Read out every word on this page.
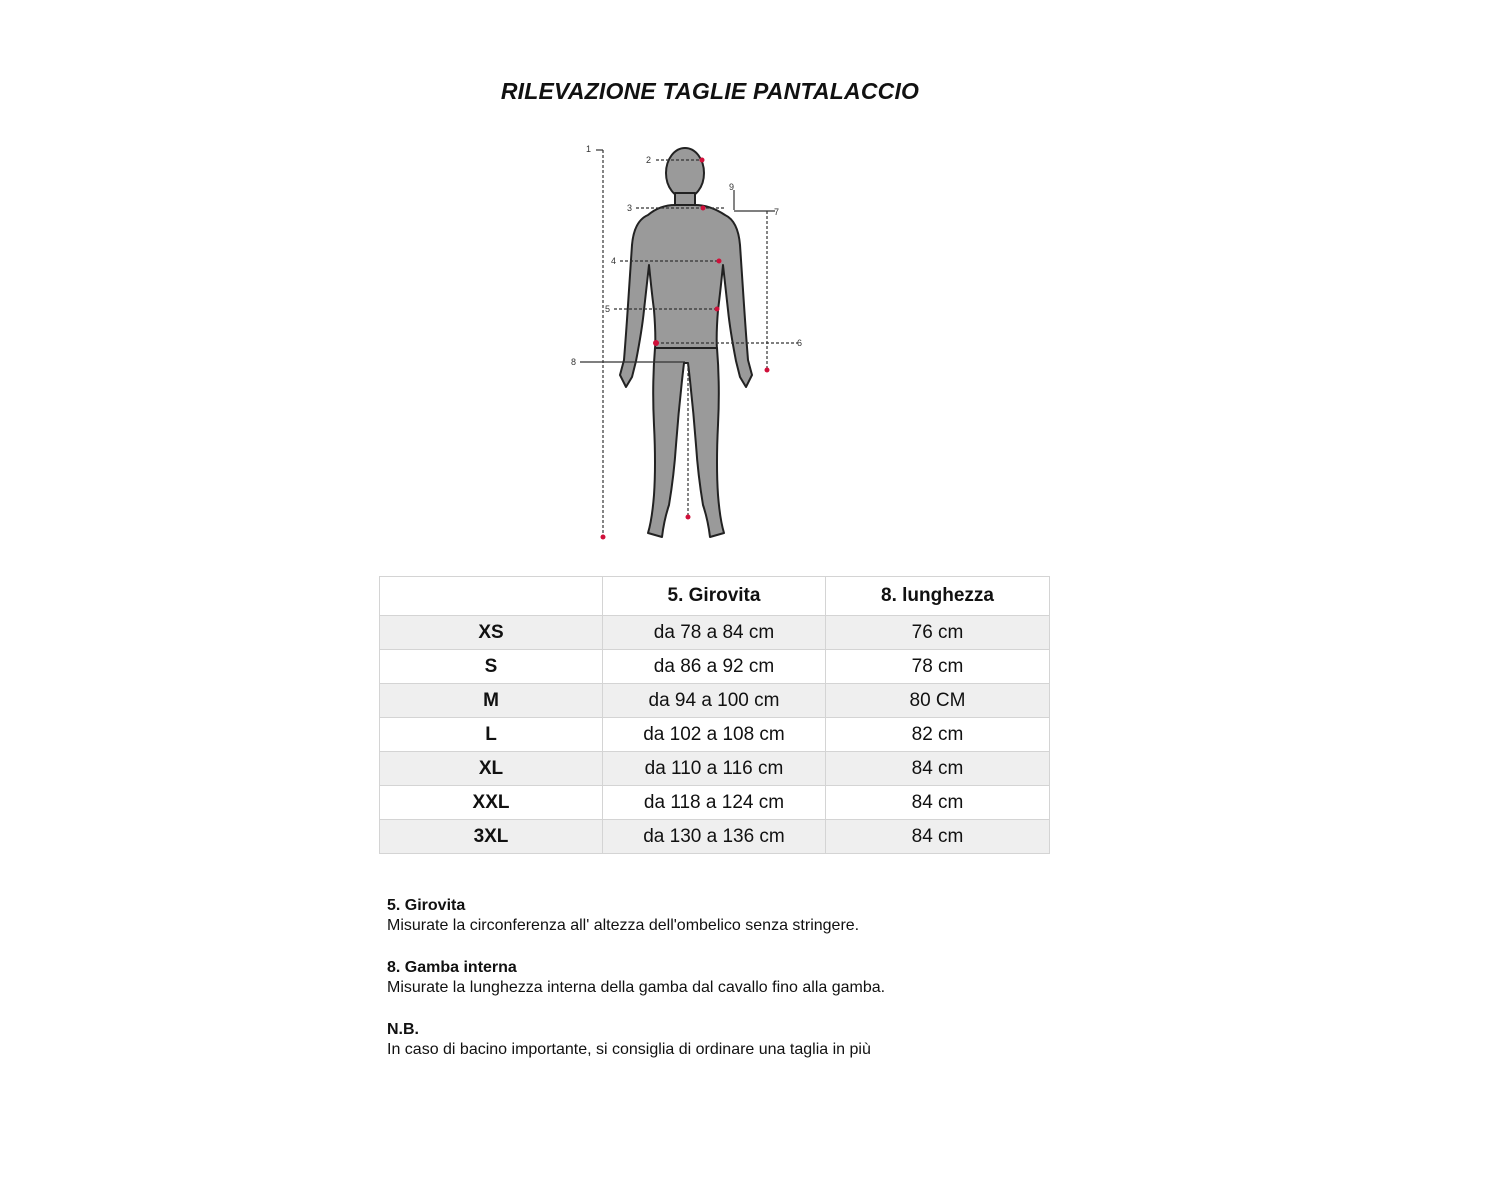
RILEVAZIONE TAGLIE PANTALACCIO
1
2
3
4
5
6
7
8
9
	5. Girovita	8. lunghezza
XS	da 78 a 84 cm	76 cm
S	da 86 a 92 cm	78 cm
M	da 94 a 100 cm	80 CM
L	da 102 a 108 cm	82 cm
XL	da 110 a 116 cm	84 cm
XXL	da 118 a 124 cm	84 cm
3XL	da 130 a 136 cm	84 cm
5. Girovita
Misurate la circonferenza all' altezza dell'ombelico senza stringere.
8. Gamba interna
Misurate la lunghezza interna della gamba dal cavallo fino alla gamba.
N.B.
In caso di bacino importante, si consiglia di ordinare una taglia in più
